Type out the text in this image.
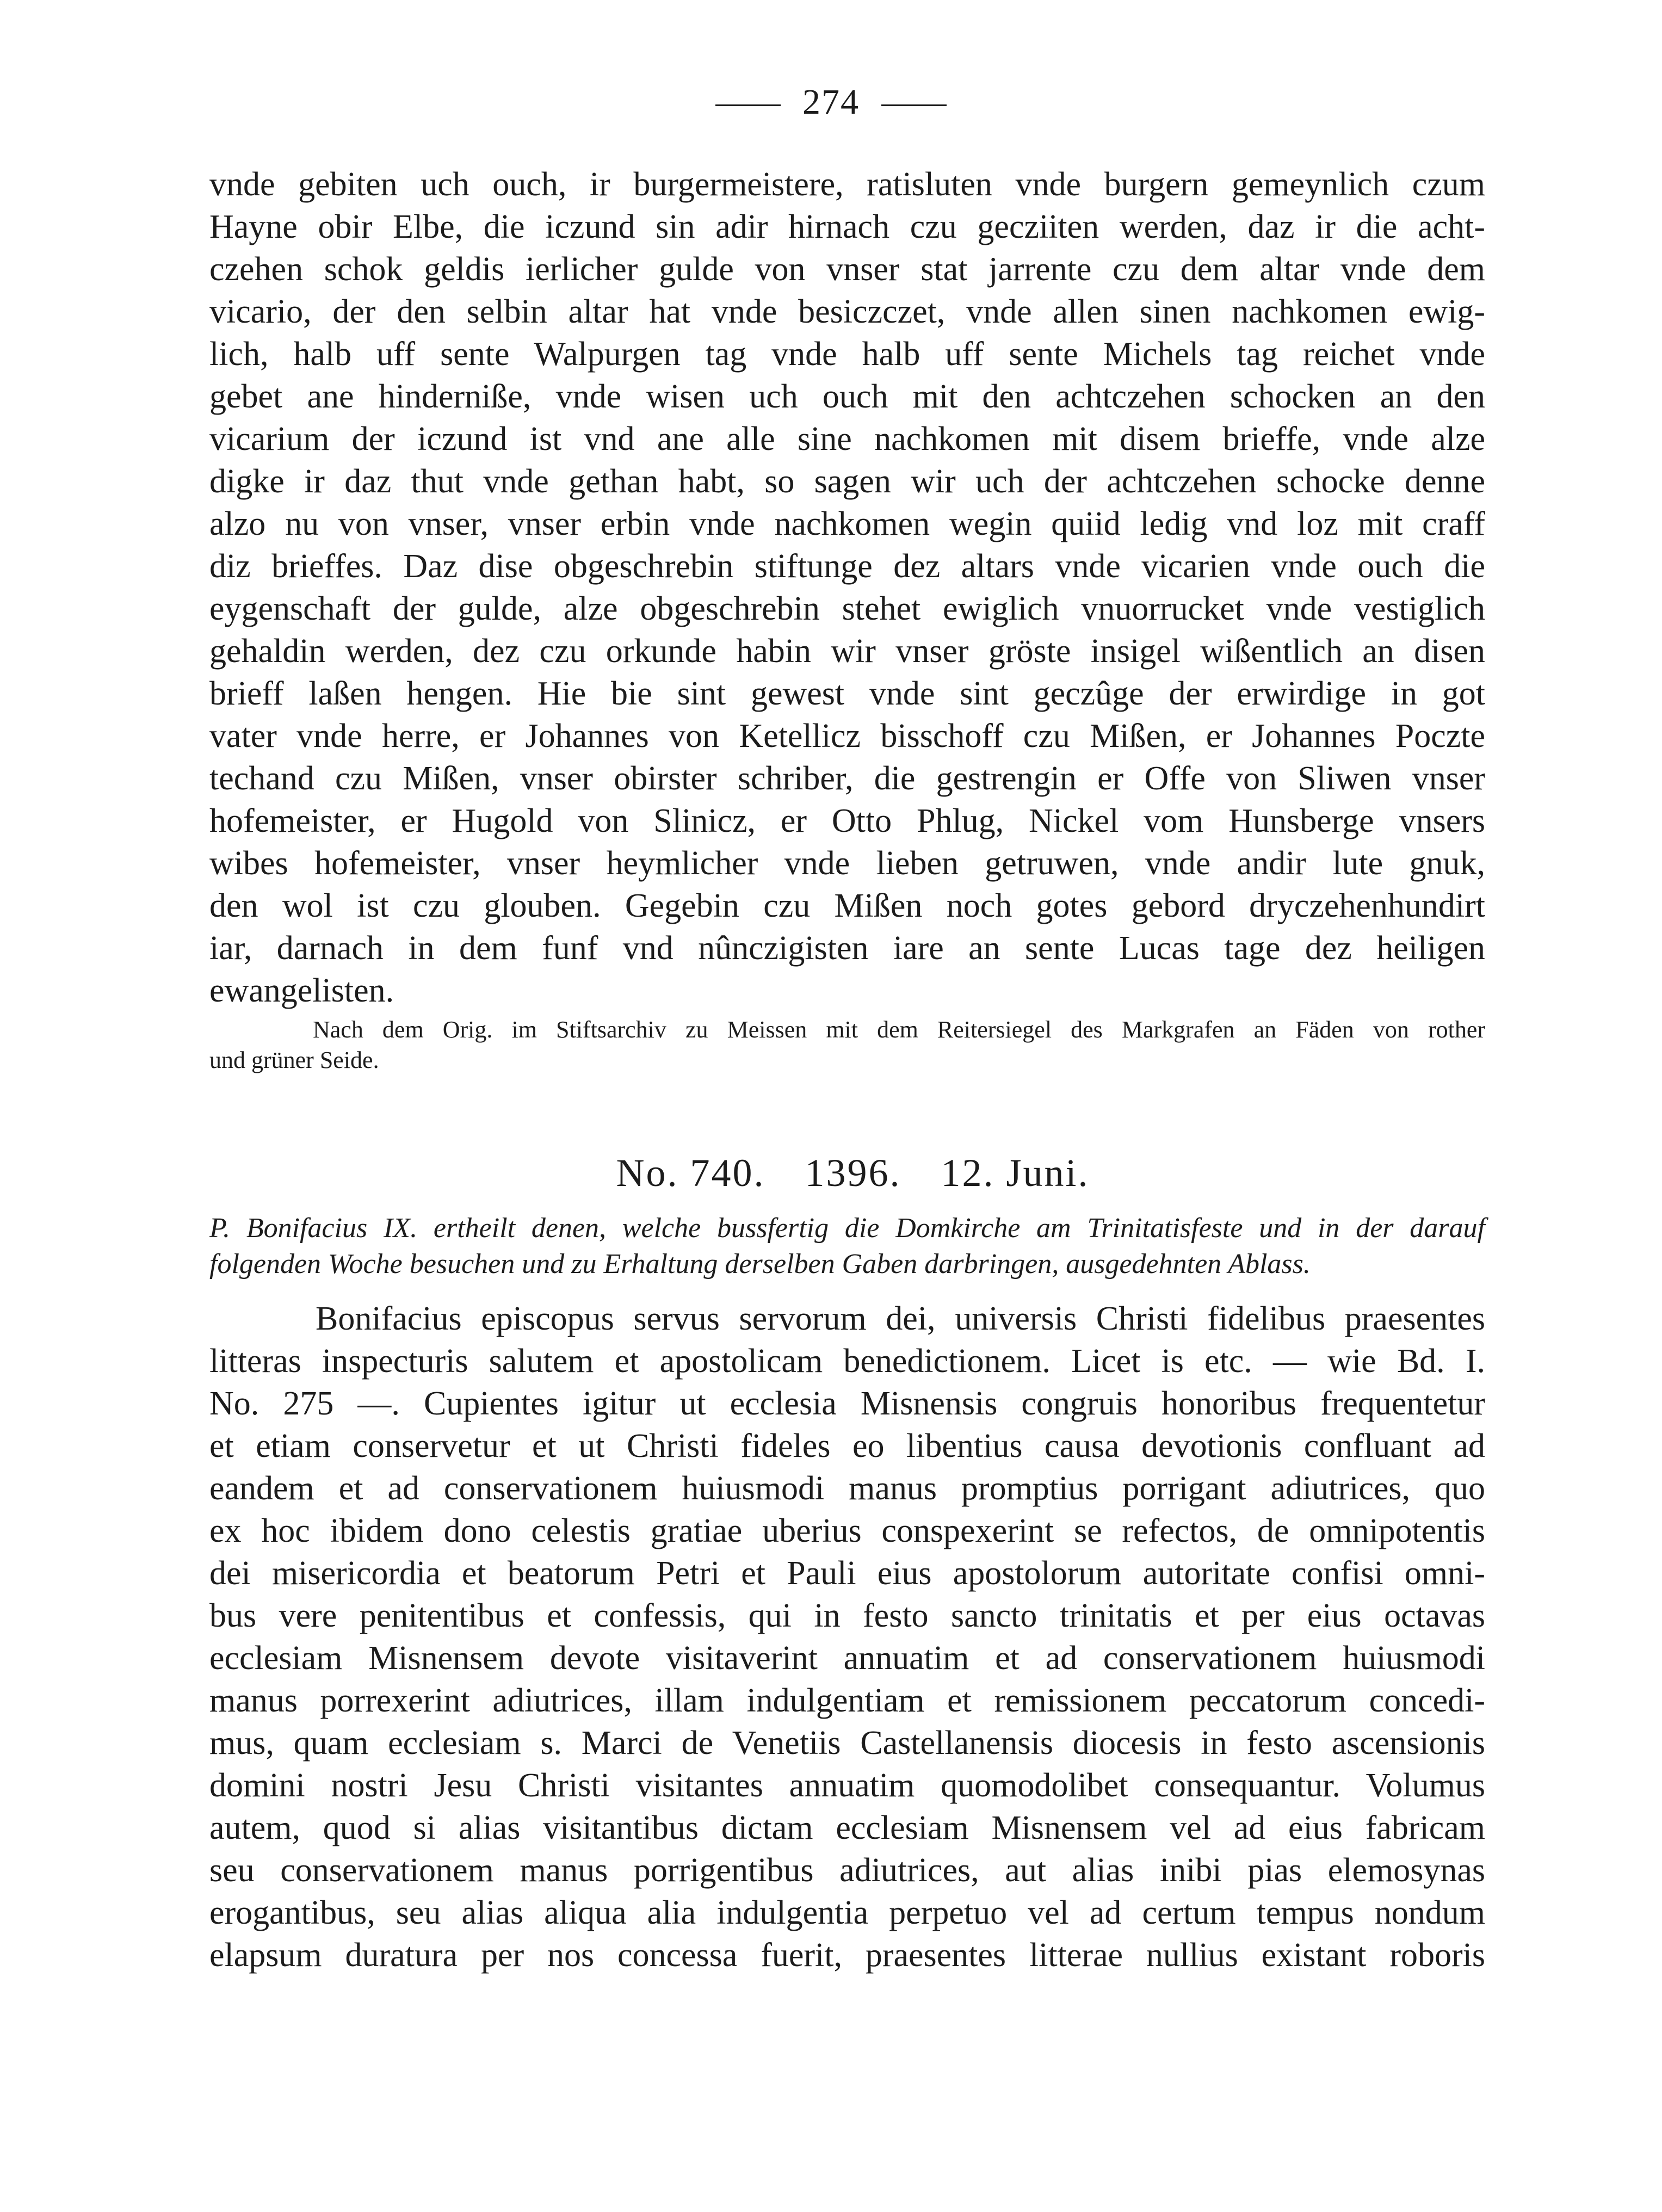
274
vnde gebiten uch ouch, ir burgermeistere, ratisluten vnde burgern gemeynlich czum
Hayne obir Elbe, die iczund sin adir hirnach czu gecziiten werden, daz ir die acht-
czehen schok geldis ierlicher gulde von vnser stat jarrente czu dem altar vnde dem
vicario, der den selbin altar hat vnde besiczczet, vnde allen sinen nachkomen ewig-
lich, halb uff sente Walpurgen tag vnde halb uff sente Michels tag reichet vnde
gebet ane hinderniße, vnde wisen uch ouch mit den achtczehen schocken an den
vicarium der iczund ist vnd ane alle sine nachkomen mit disem brieffe, vnde alze
digke ir daz thut vnde gethan habt, so sagen wir uch der achtczehen schocke denne
alzo nu von vnser, vnser erbin vnde nachkomen wegin quiid ledig vnd loz mit craff
diz brieffes. Daz dise obgeschrebin stiftunge dez altars vnde vicarien vnde ouch die
eygenschaft der gulde, alze obgeschrebin stehet ewiglich vnuorrucket vnde vestiglich
gehaldin werden, dez czu orkunde habin wir vnser gröste insigel wißentlich an disen
brieff laßen hengen. Hie bie sint gewest vnde sint geczûge der erwirdige in got
vater vnde herre, er Johannes von Ketellicz bisschoff czu Mißen, er Johannes Poczte
techand czu Mißen, vnser obirster schriber, die gestrengin er Offe von Sliwen vnser
hofemeister, er Hugold von Slinicz, er Otto Phlug, Nickel vom Hunsberge vnsers
wibes hofemeister, vnser heymlicher vnde lieben getruwen, vnde andir lute gnuk,
den wol ist czu glouben. Gegebin czu Mißen noch gotes gebord dryczehenhundirt
iar, darnach in dem funf vnd nûnczigisten iare an sente Lucas tage dez heiligen
ewangelisten.
Nach dem Orig. im Stiftsarchiv zu Meissen mit dem Reitersiegel des Markgrafen an Fäden von rother
und grüner Seide.
No. 740. 1396. 12. Juni.
P. Bonifacius IX. ertheilt denen, welche bussfertig die Domkirche am Trinitatisfeste und in der darauf
folgenden Woche besuchen und zu Erhaltung derselben Gaben darbringen, ausgedehnten Ablass.
Bonifacius episcopus servus servorum dei, universis Christi fidelibus praesentes
litteras inspecturis salutem et apostolicam benedictionem. Licet is etc. — wie Bd. I.
No. 275 —. Cupientes igitur ut ecclesia Misnensis congruis honoribus frequentetur
et etiam conservetur et ut Christi fideles eo libentius causa devotionis confluant ad
eandem et ad conservationem huiusmodi manus promptius porrigant adiutrices, quo
ex hoc ibidem dono celestis gratiae uberius conspexerint se refectos, de omnipotentis
dei misericordia et beatorum Petri et Pauli eius apostolorum autoritate confisi omni-
bus vere penitentibus et confessis, qui in festo sancto trinitatis et per eius octavas
ecclesiam Misnensem devote visitaverint annuatim et ad conservationem huiusmodi
manus porrexerint adiutrices, illam indulgentiam et remissionem peccatorum concedi-
mus, quam ecclesiam s. Marci de Venetiis Castellanensis diocesis in festo ascensionis
domini nostri Jesu Christi visitantes annuatim quomodolibet consequantur. Volumus
autem, quod si alias visitantibus dictam ecclesiam Misnensem vel ad eius fabricam
seu conservationem manus porrigentibus adiutrices, aut alias inibi pias elemosynas
erogantibus, seu alias aliqua alia indulgentia perpetuo vel ad certum tempus nondum
elapsum duratura per nos concessa fuerit, praesentes litterae nullius existant roboris
